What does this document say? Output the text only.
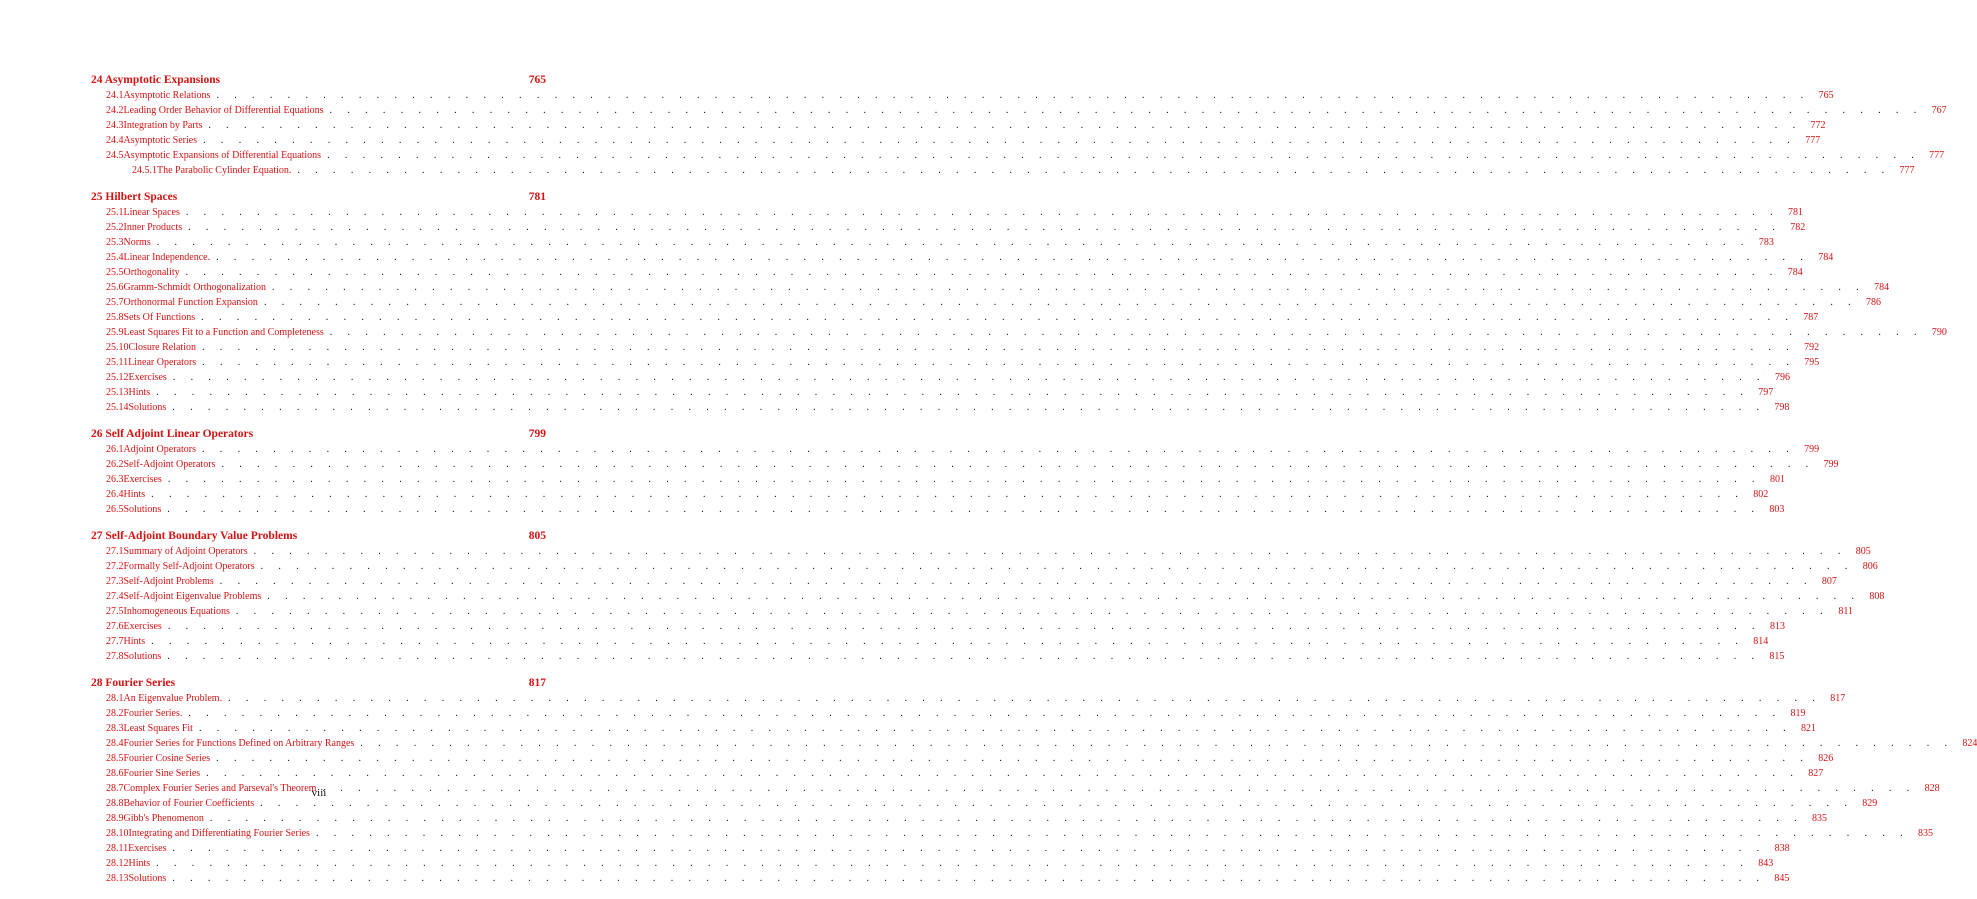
24 Asymptotic Expansions	765
24.1 Asymptotic Relations . . . . . . . . . . . . . . . . . . . . . . . . . . . . . . . . . . . . . . . . . . . . . . . . . . . . . . . . . . . . . . . . . . . . . . . . . . . . . . . . . . . . . . . . . . 765
24.2 Leading Order Behavior of Differential Equations . . . . . . . . . . . . . . . . . . . . . . . . . . . . . . . . . . . . . . . . . . . . . . . . . . . . . . . . . . . . . . . . . . . . . . . . . . . . . . . . . . . . . . . . . . 767
24.3 Integration by Parts . . . . . . . . . . . . . . . . . . . . . . . . . . . . . . . . . . . . . . . . . . . . . . . . . . . . . . . . . . . . . . . . . . . . . . . . . . . . . . . . . . . . . . . . . . 772
24.4 Asymptotic Series . . . . . . . . . . . . . . . . . . . . . . . . . . . . . . . . . . . . . . . . . . . . . . . . . . . . . . . . . . . . . . . . . . . . . . . . . . . . . . . . . . . . . . . . . . 777
24.5 Asymptotic Expansions of Differential Equations . . . . . . . . . . . . . . . . . . . . . . . . . . . . . . . . . . . . . . . . . . . . . . . . . . . . . . . . . . . . . . . . . . . . . . . . . . . . . . . . . . . . . . . . . . 777
24.5.1 The Parabolic Cylinder Equation. . . . . . . . . . . . . . . . . . . . . . . . . . . . . . . . . . . . . . . . . . . . . . . . . . . . . . . . . . . . . . . . . . . . . . . . . . . . . . . . . . . . . . . . . . . 777
25 Hilbert Spaces	781
25.1 Linear Spaces . . . . . . . . . . . . . . . . . . . . . . . . . . . . . . . . . . . . . . . . . . . . . . . . . . . . . . . . . . . . . . . . . . . . . . . . . . . . . . . . . . . . . . . . . . 781
25.2 Inner Products . . . . . . . . . . . . . . . . . . . . . . . . . . . . . . . . . . . . . . . . . . . . . . . . . . . . . . . . . . . . . . . . . . . . . . . . . . . . . . . . . . . . . . . . . . 782
25.3 Norms . . . . . . . . . . . . . . . . . . . . . . . . . . . . . . . . . . . . . . . . . . . . . . . . . . . . . . . . . . . . . . . . . . . . . . . . . . . . . . . . . . . . . . . . . . 783
25.4 Linear Independence. . . . . . . . . . . . . . . . . . . . . . . . . . . . . . . . . . . . . . . . . . . . . . . . . . . . . . . . . . . . . . . . . . . . . . . . . . . . . . . . . . . . . . . . . . . 784
25.5 Orthogonality . . . . . . . . . . . . . . . . . . . . . . . . . . . . . . . . . . . . . . . . . . . . . . . . . . . . . . . . . . . . . . . . . . . . . . . . . . . . . . . . . . . . . . . . . . 784
25.6 Gramm-Schmidt Orthogonalization . . . . . . . . . . . . . . . . . . . . . . . . . . . . . . . . . . . . . . . . . . . . . . . . . . . . . . . . . . . . . . . . . . . . . . . . . . . . . . . . . . . . . . . . . . 784
25.7 Orthonormal Function Expansion . . . . . . . . . . . . . . . . . . . . . . . . . . . . . . . . . . . . . . . . . . . . . . . . . . . . . . . . . . . . . . . . . . . . . . . . . . . . . . . . . . . . . . . . . . 786
25.8 Sets Of Functions . . . . . . . . . . . . . . . . . . . . . . . . . . . . . . . . . . . . . . . . . . . . . . . . . . . . . . . . . . . . . . . . . . . . . . . . . . . . . . . . . . . . . . . . . . 787
25.9 Least Squares Fit to a Function and Completeness . . . . . . . . . . . . . . . . . . . . . . . . . . . . . . . . . . . . . . . . . . . . . . . . . . . . . . . . . . . . . . . . . . . . . . . . . . . . . . . . . . . . . . . . . . 790
25.10 Closure Relation . . . . . . . . . . . . . . . . . . . . . . . . . . . . . . . . . . . . . . . . . . . . . . . . . . . . . . . . . . . . . . . . . . . . . . . . . . . . . . . . . . . . . . . . . . 792
25.11 Linear Operators . . . . . . . . . . . . . . . . . . . . . . . . . . . . . . . . . . . . . . . . . . . . . . . . . . . . . . . . . . . . . . . . . . . . . . . . . . . . . . . . . . . . . . . . . . 795
25.12 Exercises . . . . . . . . . . . . . . . . . . . . . . . . . . . . . . . . . . . . . . . . . . . . . . . . . . . . . . . . . . . . . . . . . . . . . . . . . . . . . . . . . . . . . . . . . . 796
25.13 Hints . . . . . . . . . . . . . . . . . . . . . . . . . . . . . . . . . . . . . . . . . . . . . . . . . . . . . . . . . . . . . . . . . . . . . . . . . . . . . . . . . . . . . . . . . . 797
25.14 Solutions . . . . . . . . . . . . . . . . . . . . . . . . . . . . . . . . . . . . . . . . . . . . . . . . . . . . . . . . . . . . . . . . . . . . . . . . . . . . . . . . . . . . . . . . . . 798
26 Self Adjoint Linear Operators	799
26.1 Adjoint Operators . . . . . . . . . . . . . . . . . . . . . . . . . . . . . . . . . . . . . . . . . . . . . . . . . . . . . . . . . . . . . . . . . . . . . . . . . . . . . . . . . . . . . . . . . . 799
26.2 Self-Adjoint Operators . . . . . . . . . . . . . . . . . . . . . . . . . . . . . . . . . . . . . . . . . . . . . . . . . . . . . . . . . . . . . . . . . . . . . . . . . . . . . . . . . . . . . . . . . . 799
26.3 Exercises . . . . . . . . . . . . . . . . . . . . . . . . . . . . . . . . . . . . . . . . . . . . . . . . . . . . . . . . . . . . . . . . . . . . . . . . . . . . . . . . . . . . . . . . . . 801
26.4 Hints . . . . . . . . . . . . . . . . . . . . . . . . . . . . . . . . . . . . . . . . . . . . . . . . . . . . . . . . . . . . . . . . . . . . . . . . . . . . . . . . . . . . . . . . . . 802
26.5 Solutions . . . . . . . . . . . . . . . . . . . . . . . . . . . . . . . . . . . . . . . . . . . . . . . . . . . . . . . . . . . . . . . . . . . . . . . . . . . . . . . . . . . . . . . . . . 803
27 Self-Adjoint Boundary Value Problems	805
27.1 Summary of Adjoint Operators . . . . . . . . . . . . . . . . . . . . . . . . . . . . . . . . . . . . . . . . . . . . . . . . . . . . . . . . . . . . . . . . . . . . . . . . . . . . . . . . . . . . . . . . . . 805
27.2 Formally Self-Adjoint Operators . . . . . . . . . . . . . . . . . . . . . . . . . . . . . . . . . . . . . . . . . . . . . . . . . . . . . . . . . . . . . . . . . . . . . . . . . . . . . . . . . . . . . . . . . . 806
27.3 Self-Adjoint Problems . . . . . . . . . . . . . . . . . . . . . . . . . . . . . . . . . . . . . . . . . . . . . . . . . . . . . . . . . . . . . . . . . . . . . . . . . . . . . . . . . . . . . . . . . . 807
27.4 Self-Adjoint Eigenvalue Problems . . . . . . . . . . . . . . . . . . . . . . . . . . . . . . . . . . . . . . . . . . . . . . . . . . . . . . . . . . . . . . . . . . . . . . . . . . . . . . . . . . . . . . . . . . 808
27.5 Inhomogeneous Equations . . . . . . . . . . . . . . . . . . . . . . . . . . . . . . . . . . . . . . . . . . . . . . . . . . . . . . . . . . . . . . . . . . . . . . . . . . . . . . . . . . . . . . . . . . 811
27.6 Exercises . . . . . . . . . . . . . . . . . . . . . . . . . . . . . . . . . . . . . . . . . . . . . . . . . . . . . . . . . . . . . . . . . . . . . . . . . . . . . . . . . . . . . . . . . . 813
27.7 Hints . . . . . . . . . . . . . . . . . . . . . . . . . . . . . . . . . . . . . . . . . . . . . . . . . . . . . . . . . . . . . . . . . . . . . . . . . . . . . . . . . . . . . . . . . . 814
27.8 Solutions . . . . . . . . . . . . . . . . . . . . . . . . . . . . . . . . . . . . . . . . . . . . . . . . . . . . . . . . . . . . . . . . . . . . . . . . . . . . . . . . . . . . . . . . . . 815
28 Fourier Series	817
28.1 An Eigenvalue Problem. . . . . . . . . . . . . . . . . . . . . . . . . . . . . . . . . . . . . . . . . . . . . . . . . . . . . . . . . . . . . . . . . . . . . . . . . . . . . . . . . . . . . . . . . . . 817
28.2 Fourier Series. . . . . . . . . . . . . . . . . . . . . . . . . . . . . . . . . . . . . . . . . . . . . . . . . . . . . . . . . . . . . . . . . . . . . . . . . . . . . . . . . . . . . . . . . . . 819
28.3 Least Squares Fit . . . . . . . . . . . . . . . . . . . . . . . . . . . . . . . . . . . . . . . . . . . . . . . . . . . . . . . . . . . . . . . . . . . . . . . . . . . . . . . . . . . . . . . . . . 821
28.4 Fourier Series for Functions Defined on Arbitrary Ranges . . . . . . . . . . . . . . . . . . . . . . . . . . . . . . . . . . . . . . . . . . . . . . . . . . . . . . . . . . . . . . . . . . . . . . . . . . . . . . . . . . . . . . . . . . 824
28.5 Fourier Cosine Series . . . . . . . . . . . . . . . . . . . . . . . . . . . . . . . . . . . . . . . . . . . . . . . . . . . . . . . . . . . . . . . . . . . . . . . . . . . . . . . . . . . . . . . . . . 826
28.6 Fourier Sine Series . . . . . . . . . . . . . . . . . . . . . . . . . . . . . . . . . . . . . . . . . . . . . . . . . . . . . . . . . . . . . . . . . . . . . . . . . . . . . . . . . . . . . . . . . . 827
28.7 Complex Fourier Series and Parseval's Theorem . . . . . . . . . . . . . . . . . . . . . . . . . . . . . . . . . . . . . . . . . . . . . . . . . . . . . . . . . . . . . . . . . . . . . . . . . . . . . . . . . . . . . . . . . . 828
28.8 Behavior of Fourier Coefficients . . . . . . . . . . . . . . . . . . . . . . . . . . . . . . . . . . . . . . . . . . . . . . . . . . . . . . . . . . . . . . . . . . . . . . . . . . . . . . . . . . . . . . . . . . 829
28.9 Gibb's Phenomenon . . . . . . . . . . . . . . . . . . . . . . . . . . . . . . . . . . . . . . . . . . . . . . . . . . . . . . . . . . . . . . . . . . . . . . . . . . . . . . . . . . . . . . . . . . 835
28.10 Integrating and Differentiating Fourier Series . . . . . . . . . . . . . . . . . . . . . . . . . . . . . . . . . . . . . . . . . . . . . . . . . . . . . . . . . . . . . . . . . . . . . . . . . . . . . . . . . . . . . . . . . . 835
28.11 Exercises . . . . . . . . . . . . . . . . . . . . . . . . . . . . . . . . . . . . . . . . . . . . . . . . . . . . . . . . . . . . . . . . . . . . . . . . . . . . . . . . . . . . . . . . . . 838
28.12 Hints . . . . . . . . . . . . . . . . . . . . . . . . . . . . . . . . . . . . . . . . . . . . . . . . . . . . . . . . . . . . . . . . . . . . . . . . . . . . . . . . . . . . . . . . . . 843
28.13 Solutions . . . . . . . . . . . . . . . . . . . . . . . . . . . . . . . . . . . . . . . . . . . . . . . . . . . . . . . . . . . . . . . . . . . . . . . . . . . . . . . . . . . . . . . . . . 845
viii
